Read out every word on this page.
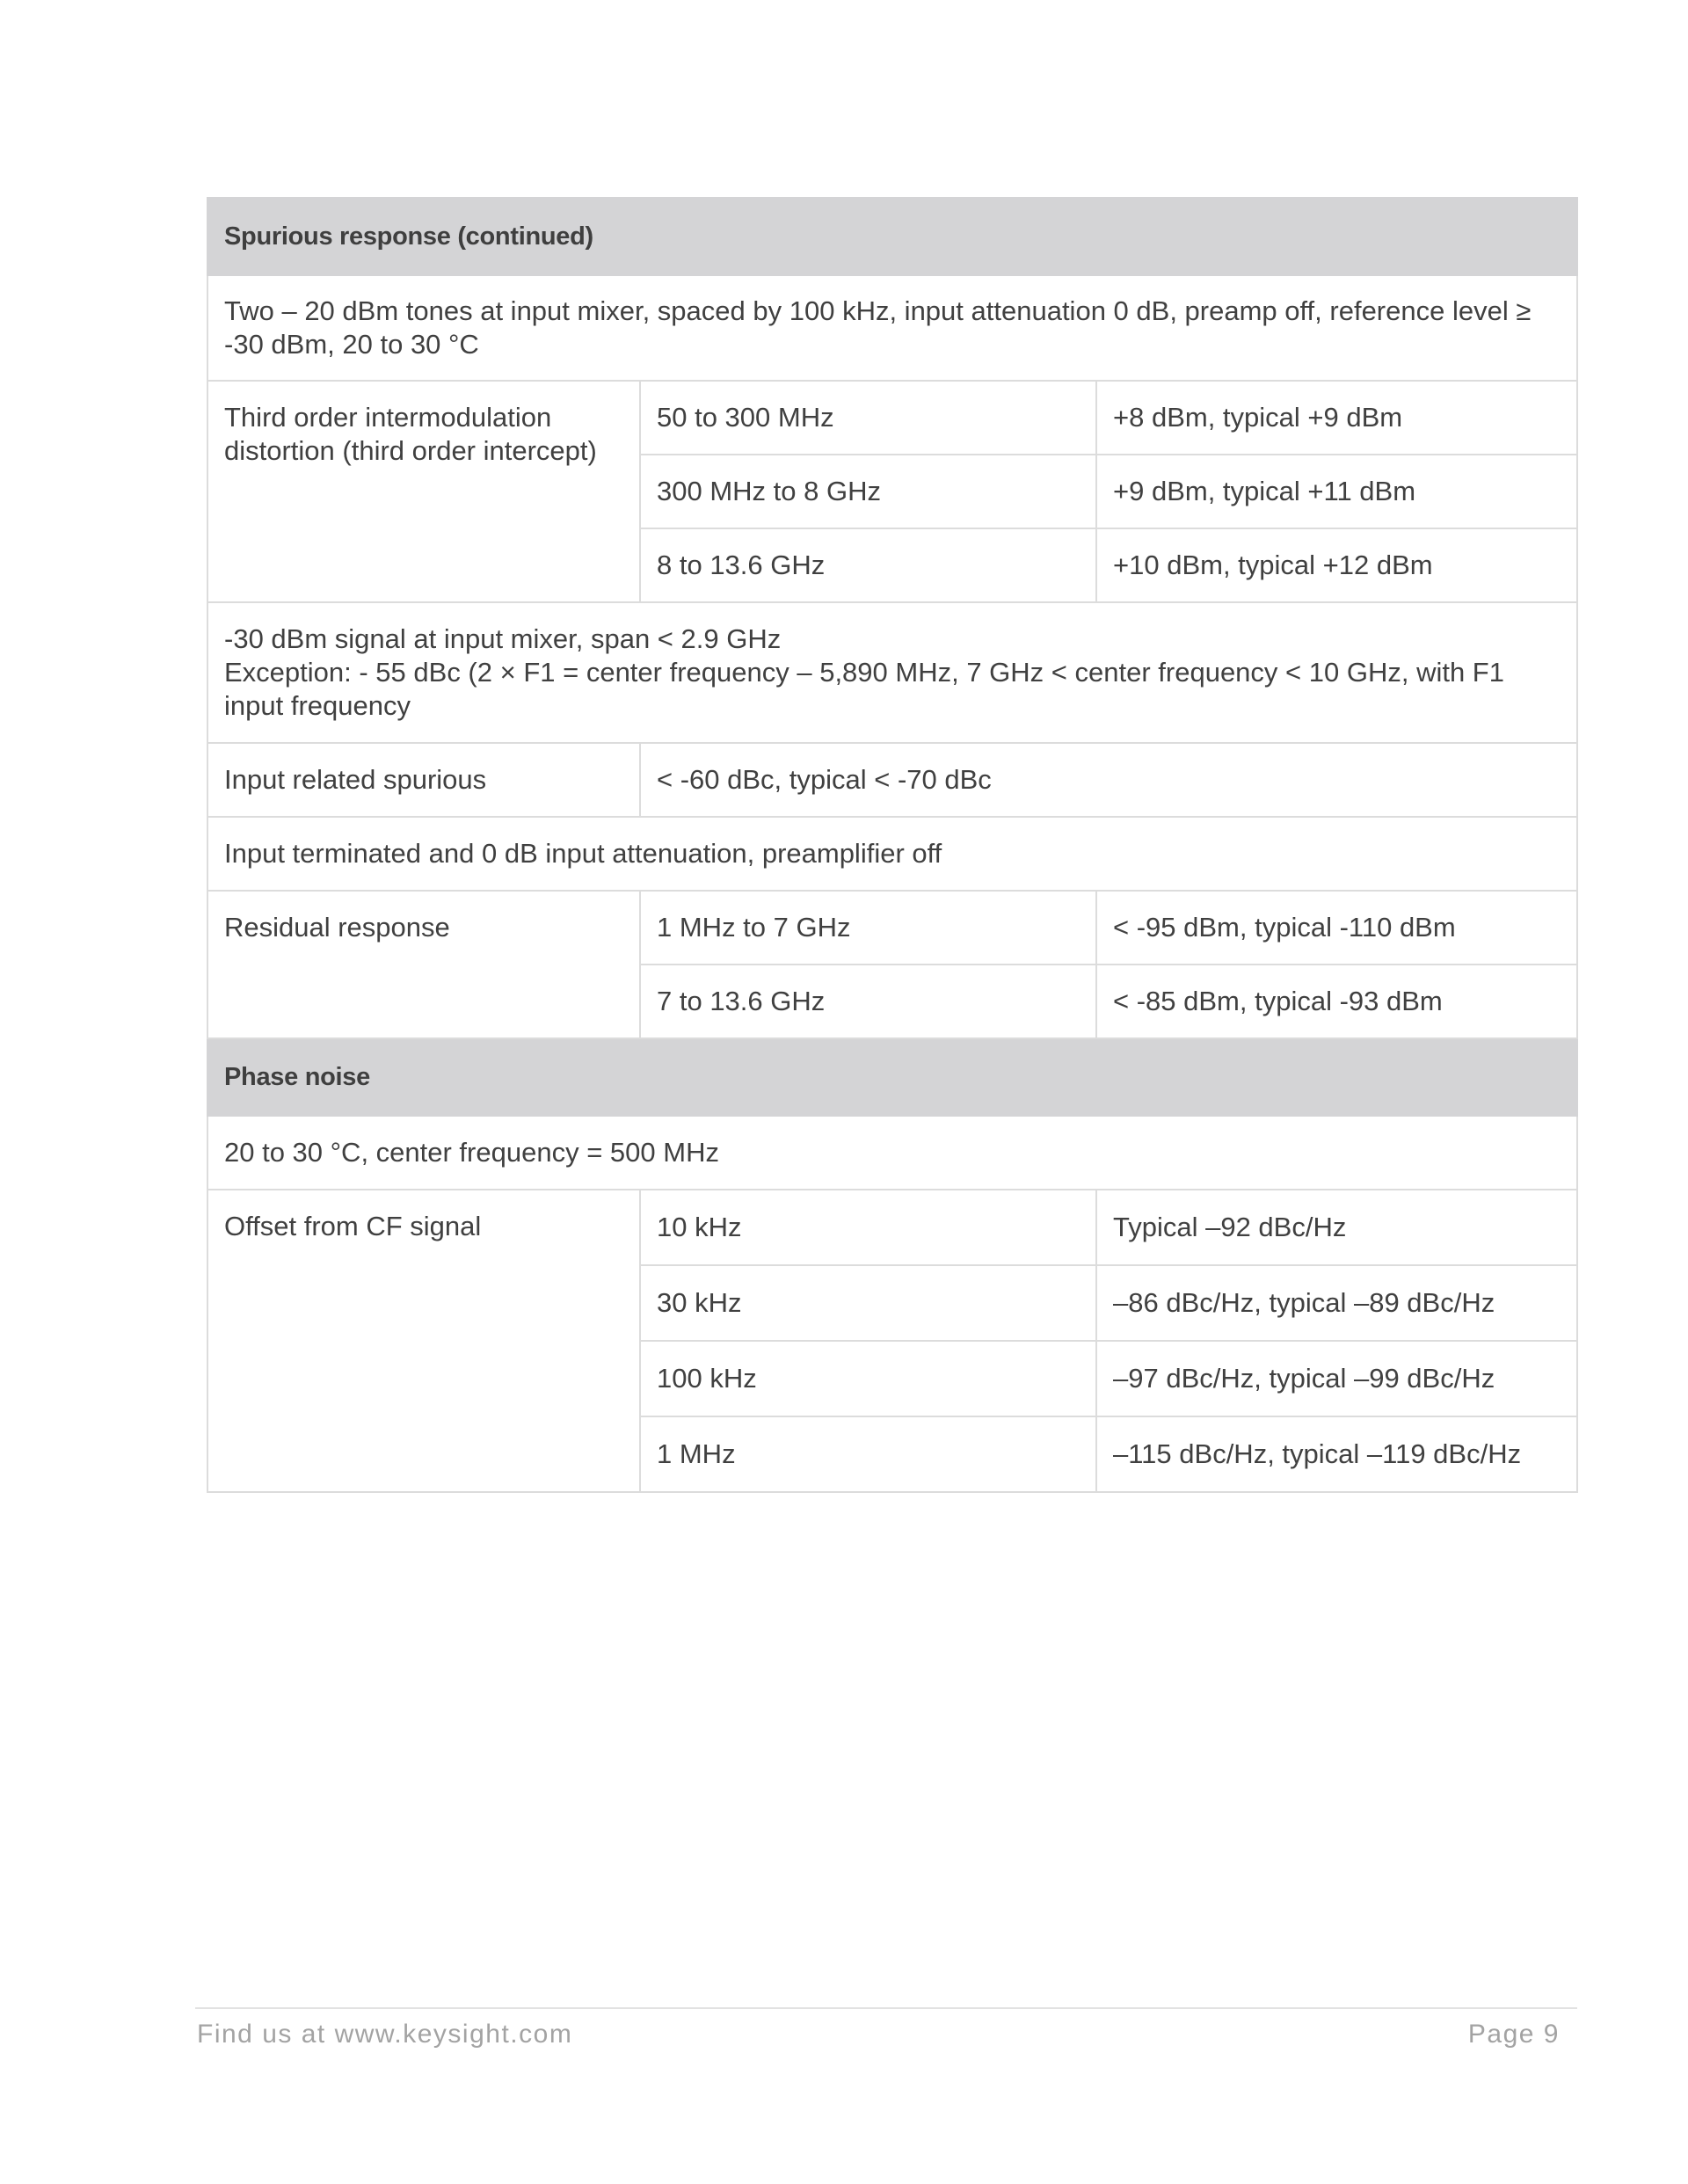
Spurious response (continued)		
Two – 20 dBm tones at input mixer, spaced by 100 kHz, input attenuation 0 dB, preamp off, reference level ≥ -30 dBm, 20 to 30 °C		
Third order intermodulation distortion (third order intercept)	50 to 300 MHz	+8 dBm, typical +9 dBm
	300 MHz to 8 GHz	+9 dBm, typical +11 dBm
	8 to 13.6 GHz	+10 dBm, typical +12 dBm

-30 dBm signal at input mixer, span < 2.9 GHz
Exception: - 55 dBc (2 × F1 = center frequency – 5,890 MHz, 7 GHz < center frequency < 10 GHz, with F1 input frequency		

Input related spurious	< -60 dBc, typical < -70 dBc	
Input terminated and 0 dB input attenuation, preamplifier off		
Residual response	1 MHz to 7 GHz	< -95 dBm, typical -110 dBm
	7 to 13.6 GHz	< -85 dBm, typical -93 dBm
Phase noise		
20 to 30 °C, center frequency = 500 MHz		
Offset from CF signal	10 kHz	Typical –92 dBc/Hz
	30 kHz	–86 dBc/Hz, typical –89 dBc/Hz
	100 kHz	–97 dBc/Hz, typical –99 dBc/Hz
	1 MHz	–115 dBc/Hz, typical –119 dBc/Hz
Find us at www.keysight.com	Page 9
